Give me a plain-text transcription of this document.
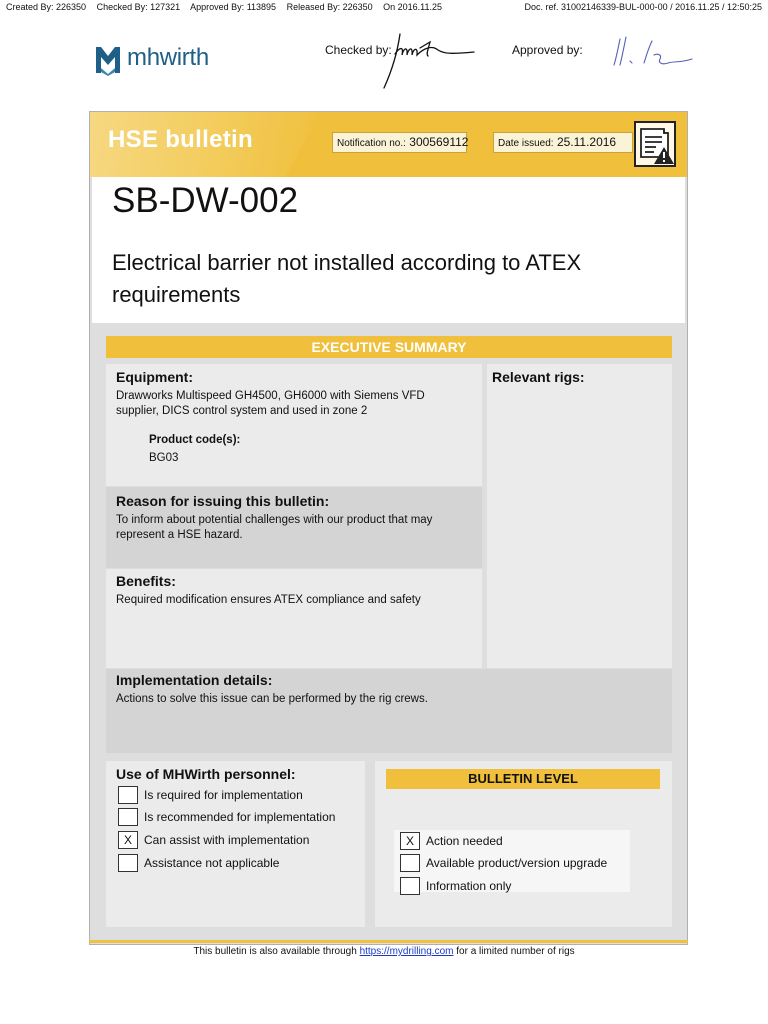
Created By: 226350 Checked By: 127321 Approved By: 113895 Released By: 226350 On 2016.11.25	Doc. ref. 31002146339-BUL-000-00 / 2016.11.25 / 12:50:25
mhwirth	Checked by:	Approved by:
HSE bulletin	Notification no.: 300569112	Date issued: 25.11.2016
SB-DW-002
Electrical barrier not installed according to ATEX requirements
EXECUTIVE SUMMARY
Equipment:
Drawworks Multispeed GH4500, GH6000 with Siemens VFD supplier, DICS control system and used in zone 2
Product code(s):
BG03
Relevant rigs:
Reason for issuing this bulletin:
To inform about potential challenges with our product that may represent a HSE hazard.
Benefits:
Required modification ensures ATEX compliance and safety
Implementation details:
Actions to solve this issue can be performed by the rig crews.
Use of MHWirth personnel:
Is required for implementation
Is recommended for implementation
X	Can assist with implementation
Assistance not applicable
BULLETIN LEVEL
X	Action needed
Available product/version upgrade
Information only
This bulletin is also available through https://mydrilling.com for a limited number of rigs
